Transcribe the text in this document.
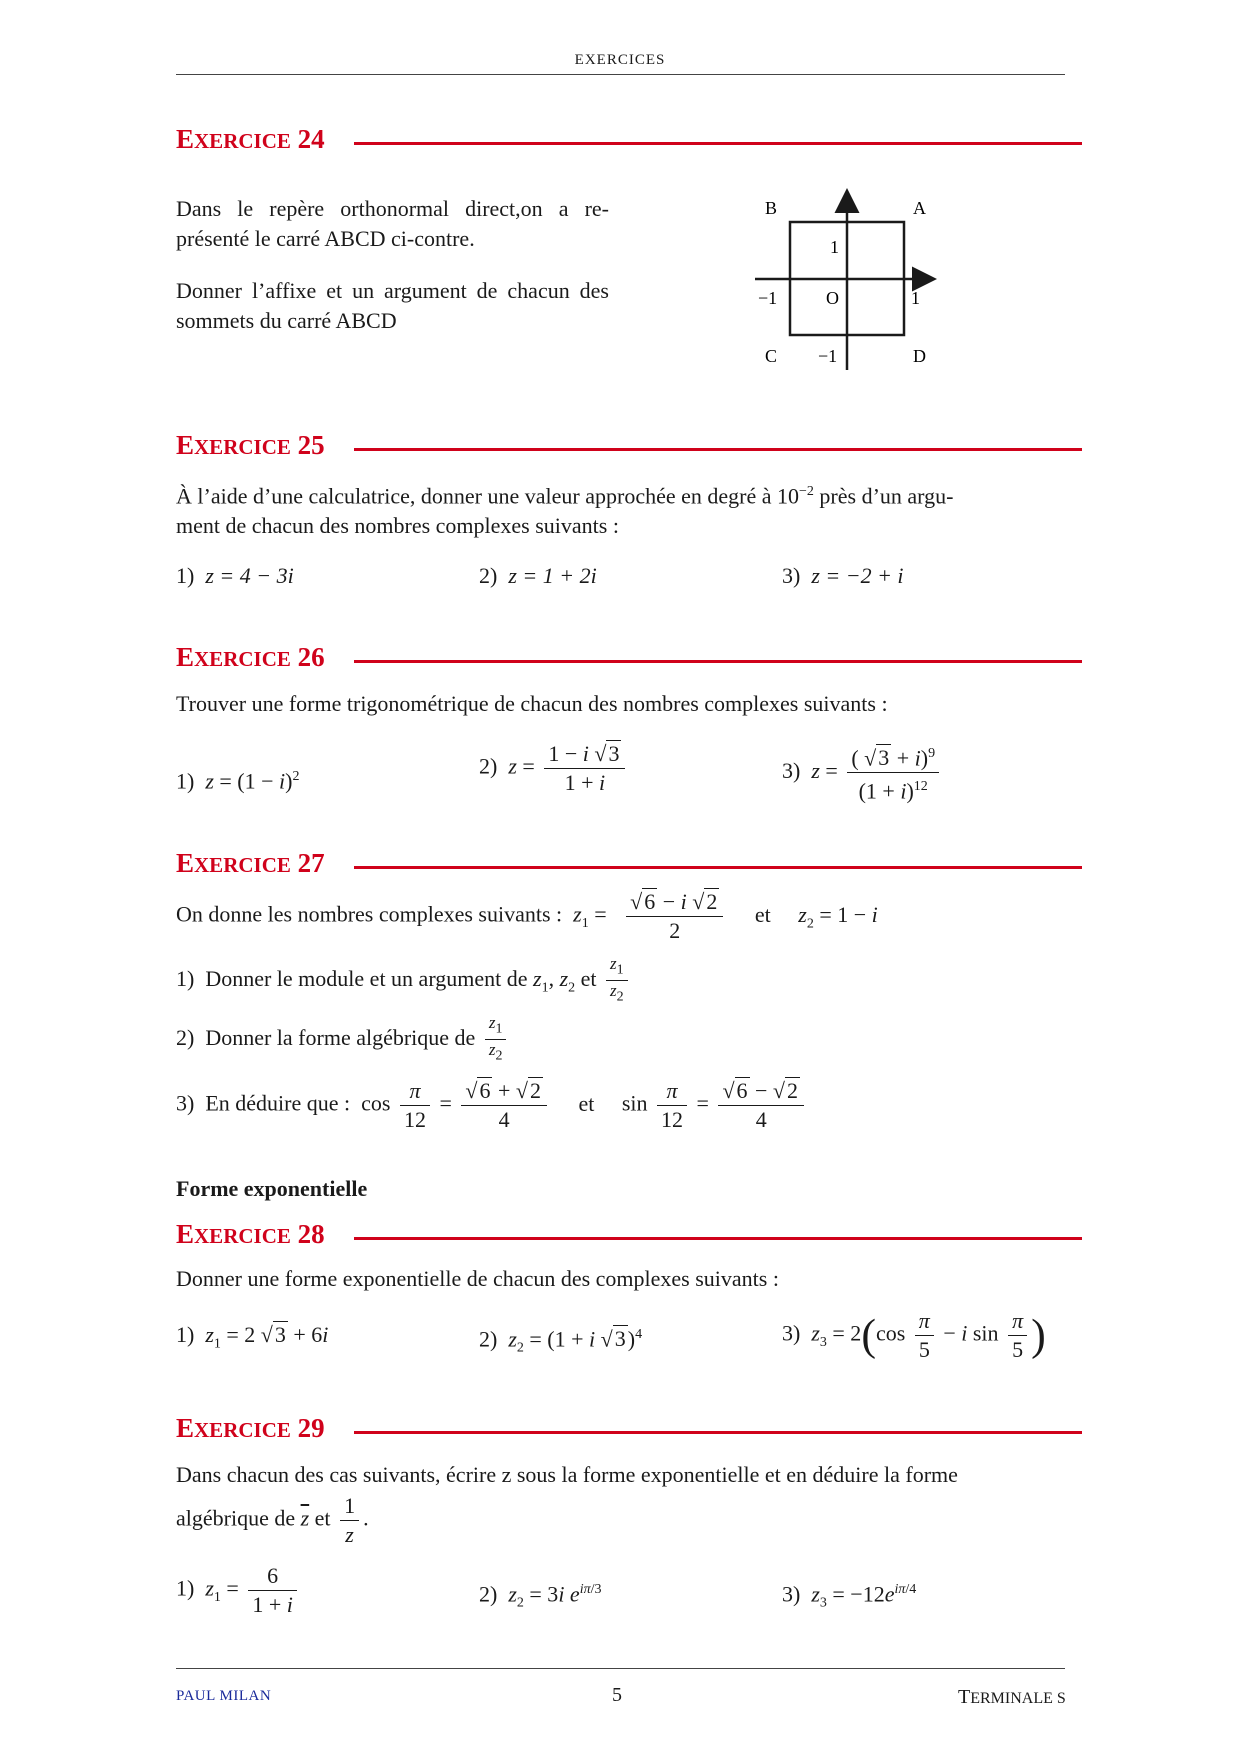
EXERCICES
EXERCICE 24
Dans le repère orthonormal direct,on a re-présenté le carré ABCD ci-contre.
Donner l’affixe et un argument de chacun des sommets du carré ABCD
B	A
C	D
O
1
1
−1
−1
EXERCICE 25
À l’aide d’une calculatrice, donner une valeur approchée en degré à $10^{-2}$ près d’un argu-
ment de chacun des nombres complexes suivants :
1) z = 4 − 3i	2) z = 1 + 2i	3) z = −2 + i
EXERCICE 26
Trouver une forme trigonométrique de chacun des nombres complexes suivants :
1) $z = (1 - i)^2$	2) $z = \frac{1 - i √3}{1 + i}$	3) $z = \frac{( √3 + i)^9}{(1 + i)^{12}}$
EXERCICE 27
On donne les nombres complexes suivants : $z_1 = \frac{√6 - i √2}{2}$ et $z_2 = 1 - i$
1) Donner le module et un argument de $z_1$, $z_2$ et $\frac{z_1}{z_2}$
2) Donner la forme algébrique de $\frac{z_1}{z_2}$
3) En déduire que :  $\cos \frac{\pi}{12} = \frac{√6 + √2}{4}$ et $\sin \frac{\pi}{12} = \frac{√6 - √2}{4}$
Forme exponentielle
EXERCICE 28
Donner une forme exponentielle de chacun des complexes suivants :
1) $z_1 = 2$ √3 + 6i	2) $z_2 = (1 + i$ √3)$^4$	3) $z_3 = 2(\cos \frac{\pi}{5} - i$ $\sin \frac{\pi}{5}$ )
EXERCICE 29
Dans chacun des cas suivants, écrire z sous la forme exponentielle et en déduire la forme
algébrique de $\overline{z}$ et $\frac{1}{z}$ .
1) $z_1 = \frac{6}{1 + i}$	2) $z_2 = 3i$ $e^{i\pi/3}$	3) $z_3 = -12e^{i\pi/4}$
PAUL MILAN	5	TERMINALE S
